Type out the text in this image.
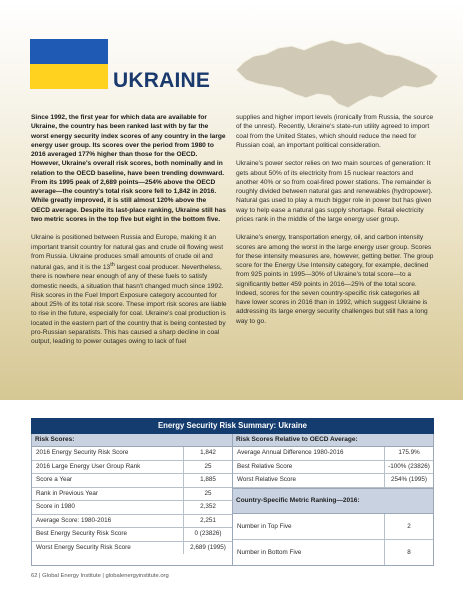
UKRAINE

Since 1992, the first year for which data are available for Ukraine, the country has been ranked last with by far the worst energy security index scores of any country in the large energy user group. Its scores over the period from 1980 to 2016 averaged 177% higher than those for the OECD. However, Ukraine's overall risk scores, both nominally and in relation to the OECD baseline, have been trending downward. From its 1995 peak of 2,689 points—254% above the OECD average—the country's total risk score fell to 1,842 in 2016. While greatly improved, it is still almost 120% above the OECD average. Despite its last-place ranking, Ukraine still has two metric scores in the top five but eight in the bottom five.

Ukraine is positioned between Russia and Europe, making it an important transit country for natural gas and crude oil flowing west from Russia. Ukraine produces small amounts of crude oil and natural gas, and it is the 13th largest coal producer. Nevertheless, there is nowhere near enough of any of these fuels to satisfy domestic needs, a situation that hasn't changed much since 1992. Risk scores in the Fuel Import Exposure category accounted for about 25% of its total risk score. These import risk scores are liable to rise in the future, especially for coal. Ukraine's coal production is located in the eastern part of the country that is being contested by pro-Russian separatists. This has caused a sharp decline in coal output, leading to power outages owing to lack of fuel

supplies and higher import levels (ironically from Russia, the source of the unrest). Recently, Ukraine's state-run utility agreed to import coal from the United States, which should reduce the need for Russian coal, an important political consideration.

Ukraine's power sector relies on two main sources of generation: It gets about 50% of its electricity from 15 nuclear reactors and another 40% or so from coal-fired power stations. The remainder is roughly divided between natural gas and renewables (hydropower). Natural gas used to play a much bigger role in power but has given way to help ease a natural gas supply shortage. Retail electricity prices rank in the middle of the large energy user group.

Ukraine's energy, transportation energy, oil, and carbon intensity scores are among the worst in the large energy user group. Scores for these intensity measures are, however, getting better. The group score for the Energy Use Intensity category, for example, declined from 925 points in 1995—30% of Ukraine's total score—to a significantly better 459 points in 2016—25% of the total score. Indeed, scores for the seven country-specific risk categories all have lower scores in 2016 than in 1992, which suggest Ukraine is addressing its large energy security challenges but still has a long way to go.

Energy Security Risk Summary: Ukraine
Risk Scores:
2016 Energy Security Risk Score	1,842
2016 Large Energy User Group Rank	25
Score a Year	1,885
Rank in Previous Year	25
Score in 1980	2,352
Average Score: 1980-2016	2,251
Best Energy Security Risk Score	0 (23826)
Worst Energy Security Risk Score	2,689 (1995)
Risk Scores Relative to OECD Average:
Average Annual Difference 1980-2016	175.9%
Best Relative Score	-100% (23826)
Worst Relative Score	254% (1995)
Country-Specific Metric Ranking—2016:
Number in Top Five	2
Number in Bottom Five	8
62 | Global Energy Institute | globalenergyinstitute.org
